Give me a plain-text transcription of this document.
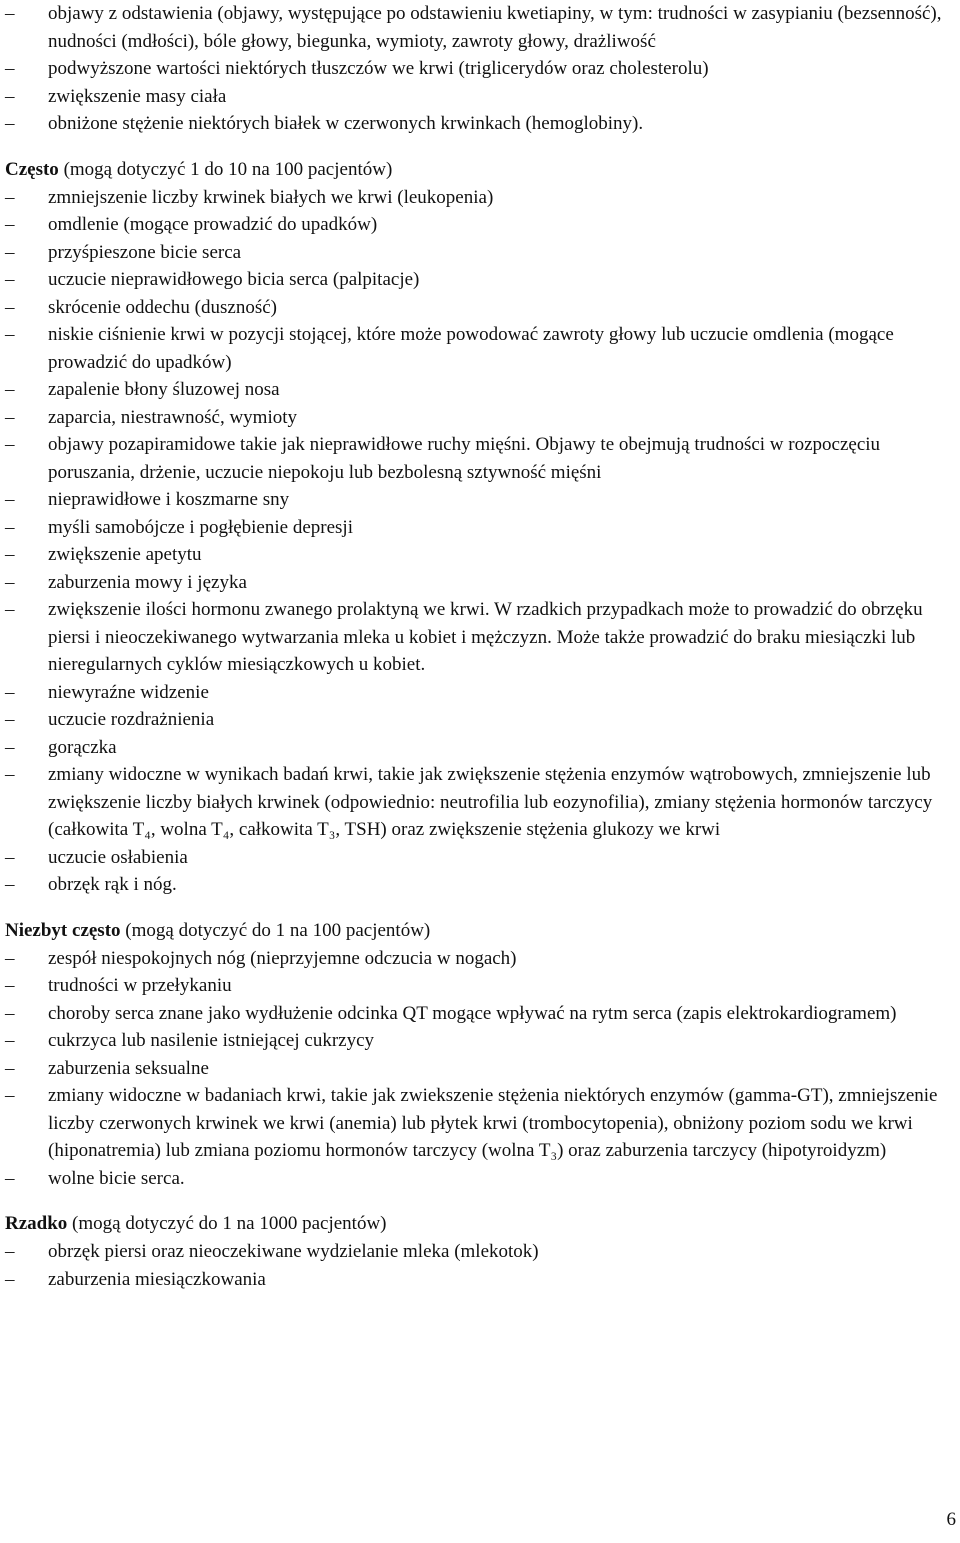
– objawy z odstawienia (objawy, występujące po odstawieniu kwetiapiny, w tym: trudności w zasypianiu (bezsenność), nudności (mdłości), bóle głowy, biegunka, wymioty, zawroty głowy, drażliwość
– podwyższone wartości niektórych tłuszczów we krwi (triglicerydów oraz cholesterolu)
– zwiększenie masy ciała
– obniżone stężenie niektórych białek w czerwonych krwinkach (hemoglobiny).

Często (mogą dotyczyć 1 do 10 na 100 pacjentów)

– zmniejszenie liczby krwinek białych we krwi (leukopenia)
– omdlenie (mogące prowadzić do upadków)
– przyśpieszone bicie serca
– uczucie nieprawidłowego bicia serca (palpitacje)
– skrócenie oddechu (duszność)
– niskie ciśnienie krwi w pozycji stojącej, które może powodować zawroty głowy lub uczucie omdlenia (mogące prowadzić do upadków)
– zapalenie błony śluzowej nosa
– zaparcia, niestrawność, wymioty
– objawy pozapiramidowe takie jak nieprawidłowe ruchy mięśni. Objawy te obejmują trudności w rozpoczęciu poruszania, drżenie, uczucie niepokoju lub bezbolesną sztywność mięśni
– nieprawidłowe i koszmarne sny
– myśli samobójcze i pogłębienie depresji
– zwiększenie apetytu
– zaburzenia mowy i języka
– zwiększenie ilości hormonu zwanego prolaktyną we krwi. W rzadkich przypadkach może to prowadzić do obrzęku piersi i nieoczekiwanego wytwarzania mleka u kobiet i mężczyzn. Może także prowadzić do braku miesiączki lub nieregularnych cyklów miesiączkowych u kobiet.
– niewyraźne widzenie
– uczucie rozdrażnienia
– gorączka
– zmiany widoczne w wynikach badań krwi, takie jak zwiększenie stężenia enzymów wątrobowych, zmniejszenie lub zwiększenie liczby białych krwinek (odpowiednio: neutrofilia lub eozynofilia), zmiany stężenia hormonów tarczycy (całkowita T₄, wolna T₄, całkowita T₃, TSH) oraz zwiększenie stężenia glukozy we krwi
– uczucie osłabienia
– obrzęk rąk i nóg.

Niezbyt często (mogą dotyczyć do 1 na 100 pacjentów)

– zespół niespokojnych nóg (nieprzyjemne odczucia w nogach)
– trudności w przełykaniu
– choroby serca znane jako wydłużenie odcinka QT mogące wpływać na rytm serca (zapis elektrokardiogramem)
– cukrzyca lub nasilenie istniejącej cukrzycy
– zaburzenia seksualne
– zmiany widoczne w badaniach krwi, takie jak zwiekszenie stężenia niektórych enzymów (gamma-GT), zmniejszenie liczby czerwonych krwinek we krwi (anemia) lub płytek krwi (trombocytopenia), obniżony poziom sodu we krwi (hiponatremia) lub zmiana poziomu hormonów tarczycy (wolna T₃) oraz zaburzenia tarczycy (hipotyroidyzm)
– wolne bicie serca.

Rzadko (mogą dotyczyć do 1 na 1000 pacjentów)

– obrzęk piersi oraz nieoczekiwane wydzielanie mleka (mlekotok)
– zaburzenia miesiączkowania
6
